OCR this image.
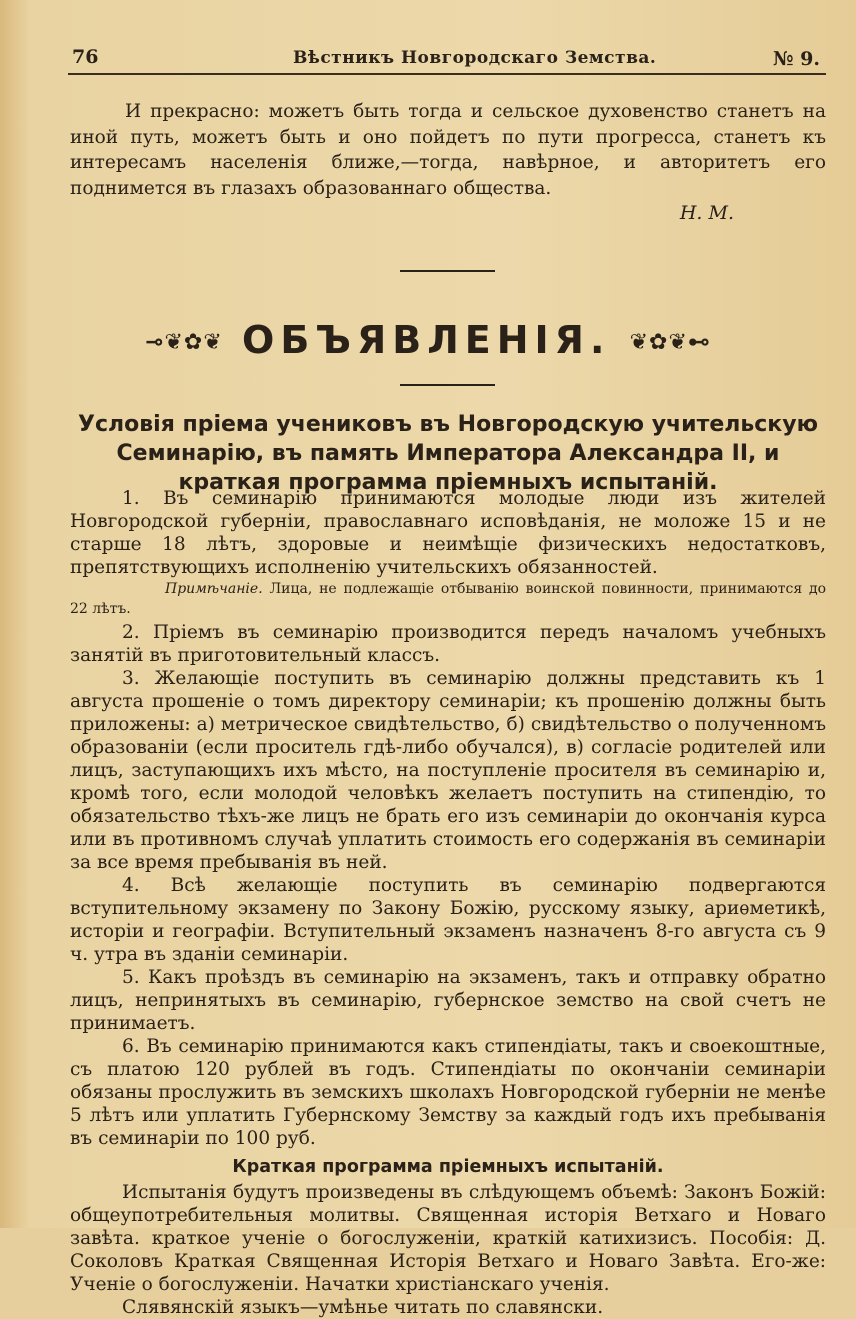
76	Вѣстникъ Новгородскаго Земства.	№ 9.

И прекрасно: можетъ быть тогда и сельское духовенство станетъ на иной путь, можетъ быть и оно пойдетъ по пути прогресса, станетъ къ интересамъ населенія ближе,—тогда, навѣрное, и авторитетъ его поднимется въ глазахъ образованнаго общества.

Н. М.
⊸❦✿❦ ОБЪЯВЛЕНІЯ. ❦✿❦⊷
Условія пріема учениковъ въ Новгородскую учительскую Семинарію, въ память Императора Александра II, и краткая программа пріемныхъ испытаній.

1. Въ семинарію принимаются молодые люди изъ жителей Новгородской губерніи, православнаго исповѣданія, не моложе 15 и не старше 18 лѣтъ, здоровые и неимѣщіе физическихъ недостатковъ, препятствующихъ исполненію учительскихъ обязанностей.

Примѣчаніе. Лица, не подлежащіе отбыванію воинской повинности, принимаются до 22 лѣтъ.

2. Пріемъ въ семинарію производится передъ началомъ учебныхъ занятій въ приготовительный классъ.

3. Желающіе поступить въ семинарію должны представить къ 1 августа прошеніе о томъ директору семинаріи; къ прошенію должны быть приложены: а) метрическое свидѣтельство, б) свидѣтельство о полученномъ образованіи (если проситель гдѣ-либо обучался), в) согласіе родителей или лицъ, заступающихъ ихъ мѣсто, на поступленіе просителя въ семинарію и, кромѣ того, если молодой человѣкъ желаетъ поступить на стипендію, то обязательство тѣхъ-же лицъ не брать его изъ семинаріи до окончанія курса или въ противномъ случаѣ уплатить стоимость его содержанія въ семинаріи за все время пребыванія въ ней.

4. Всѣ желающіе поступить въ семинарію подвергаются вступительному экзамену по Закону Божію, русскому языку, ариѳметикѣ, исторіи и географіи. Вступительный экзаменъ назначенъ 8-го августа съ 9 ч. утра въ зданіи семинаріи.

5. Какъ проѣздъ въ семинарію на экзаменъ, такъ и отправку обратно лицъ, непринятыхъ въ семинарію, губернское земство на свой счетъ не принимаетъ.

6. Въ семинарію принимаются какъ стипендіаты, такъ и своекоштные, съ платою 120 рублей въ годъ. Стипендіаты по окончаніи семинаріи обязаны прослужить въ земскихъ школахъ Новгородской губерніи не менѣе 5 лѣтъ или уплатить Губернскому Земству за каждый годъ ихъ пребыванія въ семинаріи по 100 руб.

Краткая программа пріемныхъ испытаній.

Испытанія будутъ произведены въ слѣдующемъ объемѣ: Законъ Божій: общеупотребительныя молитвы. Священная исторія Ветхаго и Новаго завѣта. краткое ученіе о богослуженіи, краткій катихизисъ. Пособія: Д. Соколовъ Краткая Священная Исторія Ветхаго и Новаго Завѣта. Его-же: Ученіе о богослуженіи. Начатки христіанскаго ученія.

Слявянскій языкъ—умѣнье читать по славянски.
